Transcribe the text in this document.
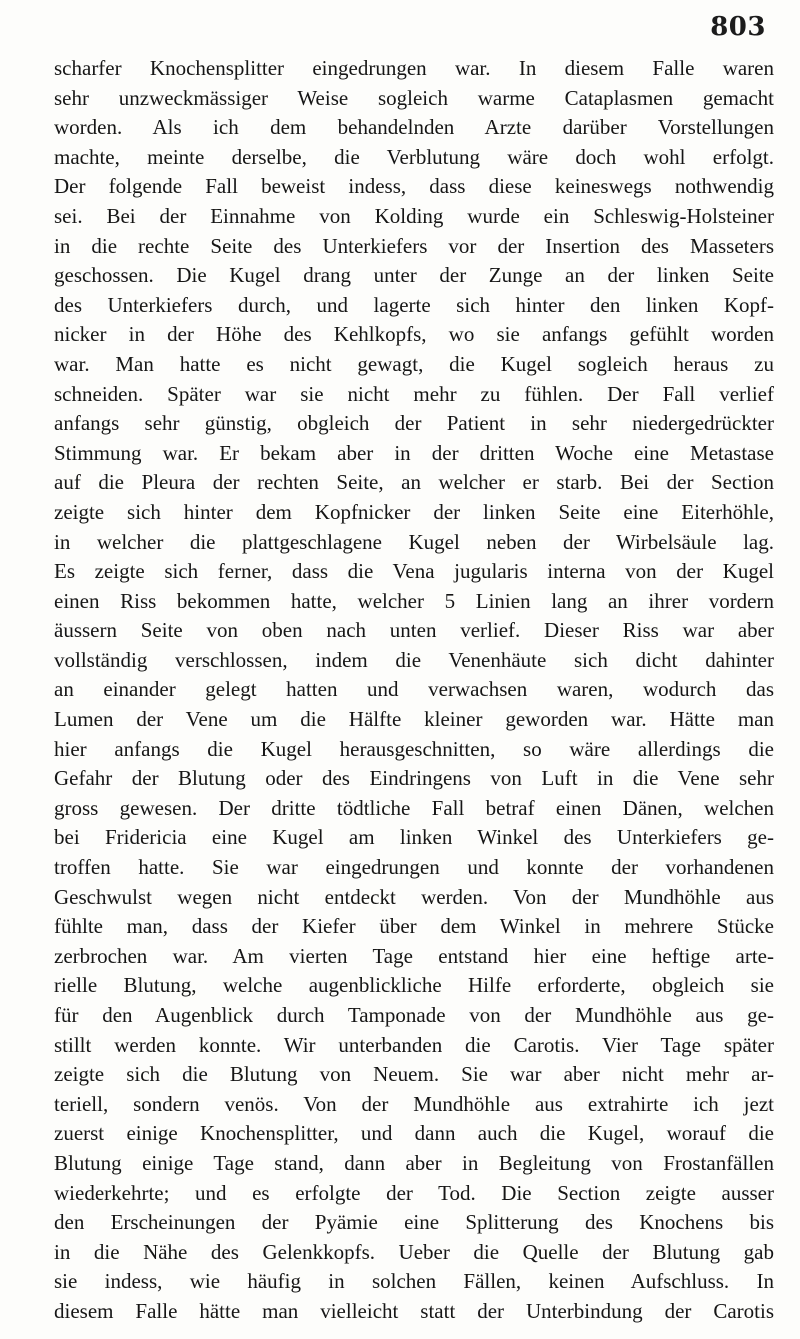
803
scharfer Knochensplitter eingedrungen war. In diesem Falle waren
sehr unzweckmässiger Weise sogleich warme Cataplasmen gemacht
worden. Als ich dem behandelnden Arzte darüber Vorstellungen
machte, meinte derselbe, die Verblutung wäre doch wohl erfolgt.
Der folgende Fall beweist indess, dass diese keineswegs nothwendig
sei. Bei der Einnahme von Kolding wurde ein Schleswig-Holsteiner
in die rechte Seite des Unterkiefers vor der Insertion des Masseters
geschossen. Die Kugel drang unter der Zunge an der linken Seite
des Unterkiefers durch, und lagerte sich hinter den linken Kopf-
nicker in der Höhe des Kehlkopfs, wo sie anfangs gefühlt worden
war. Man hatte es nicht gewagt, die Kugel sogleich heraus zu
schneiden. Später war sie nicht mehr zu fühlen. Der Fall verlief
anfangs sehr günstig, obgleich der Patient in sehr niedergedrückter
Stimmung war. Er bekam aber in der dritten Woche eine Metastase
auf die Pleura der rechten Seite, an welcher er starb. Bei der Section
zeigte sich hinter dem Kopfnicker der linken Seite eine Eiterhöhle,
in welcher die plattgeschlagene Kugel neben der Wirbelsäule lag.
Es zeigte sich ferner, dass die Vena jugularis interna von der Kugel
einen Riss bekommen hatte, welcher 5 Linien lang an ihrer vordern
äussern Seite von oben nach unten verlief. Dieser Riss war aber
vollständig verschlossen, indem die Venenhäute sich dicht dahinter
an einander gelegt hatten und verwachsen waren, wodurch das
Lumen der Vene um die Hälfte kleiner geworden war. Hätte man
hier anfangs die Kugel herausgeschnitten, so wäre allerdings die
Gefahr der Blutung oder des Eindringens von Luft in die Vene sehr
gross gewesen. Der dritte tödtliche Fall betraf einen Dänen, welchen
bei Fridericia eine Kugel am linken Winkel des Unterkiefers ge-
troffen hatte. Sie war eingedrungen und konnte der vorhandenen
Geschwulst wegen nicht entdeckt werden. Von der Mundhöhle aus
fühlte man, dass der Kiefer über dem Winkel in mehrere Stücke
zerbrochen war. Am vierten Tage entstand hier eine heftige arte-
rielle Blutung, welche augenblickliche Hilfe erforderte, obgleich sie
für den Augenblick durch Tamponade von der Mundhöhle aus ge-
stillt werden konnte. Wir unterbanden die Carotis. Vier Tage später
zeigte sich die Blutung von Neuem. Sie war aber nicht mehr ar-
teriell, sondern venös. Von der Mundhöhle aus extrahirte ich jezt
zuerst einige Knochensplitter, und dann auch die Kugel, worauf die
Blutung einige Tage stand, dann aber in Begleitung von Frostanfällen
wiederkehrte; und es erfolgte der Tod. Die Section zeigte ausser
den Erscheinungen der Pyämie eine Splitterung des Knochens bis
in die Nähe des Gelenkkopfs. Ueber die Quelle der Blutung gab
sie indess, wie häufig in solchen Fällen, keinen Aufschluss. In
diesem Falle hätte man vielleicht statt der Unterbindung der Carotis
